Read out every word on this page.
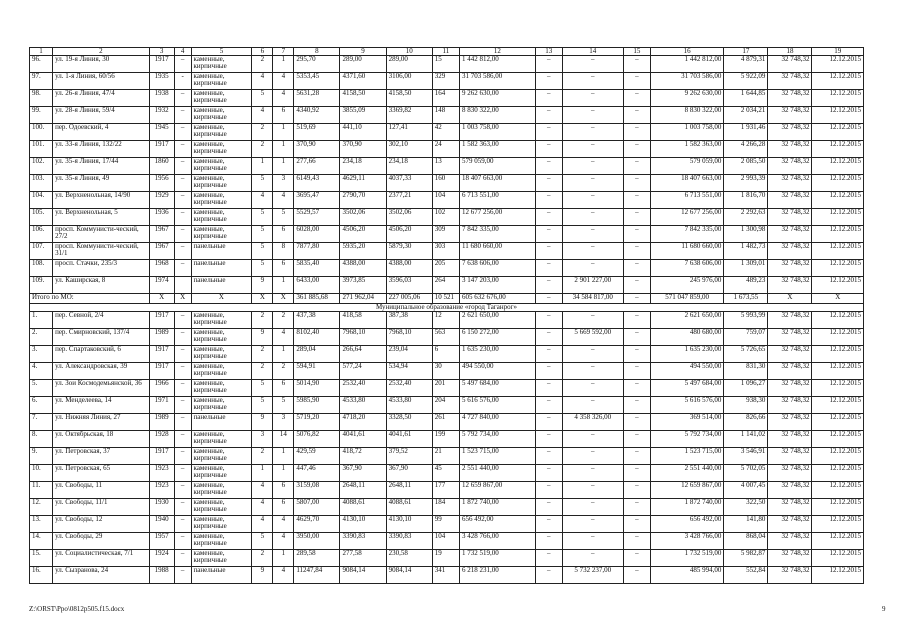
1	2	3	4	5	6	7	8	9	10	11	12	13	14	15	16	17	18	19
96.	ул. 19-я Линия, 30	1917	–	каменные, кирпичные	2	1	295,70	289,00	289,00	15	1 442 812,00	–	–	–	1 442 812,00	4 879,31	32 748,32	12.12.2015
97.	ул. 1-я Линия, 60/56	1935	-	каменные, кирпичные	4	4	5353,45	4371,60	3106,00	329	31 703 586,00	–	–	–	31 703 586,00	5 922,09	32 748,32	12.12.2015
98.	ул. 26-я Линия, 47/4	1938	–	каменные, кирпичные	5	4	5631,28	4158,50	4158,50	164	9 262 630,00	–	–	–	9 262 630,00	1 644,85	32 748,32	12.12.2015
99.	ул. 28-я Линия, 59/4	1932	–	каменные, кирпичные	4	6	4340,92	3855,09	3369,82	148	8 830 322,00	–	–	–	8 830 322,00	2 034,21	32 748,32	12.12.2015
100.	пер. Одоевский, 4	1945	–	каменные, кирпичные	2	1	519,69	441,10	127,41	42	1 003 758,00	–	–	–	1 003 758,00	1 931,46	32 748,32	12.12.2015
101.	ул. 33-я Линия, 132/22	1917	–	каменные, кирпичные	2	1	370,90	370,90	302,10	24	1 582 363,00	–	–	–	1 582 363,00	4 266,28	32 748,32	12.12.2015
102.	ул. 35-я Линия, 17/44	1860	–	каменные, кирпичные	1	1	277,66	234,18	234,18	13	579 059,00	–	–	–	579 059,00	2 085,50	32 748,32	12.12.2015
103.	ул. 35-я Линия, 49	1956	–	каменные, кирпичные	5	3	6149,43	4629,11	4037,33	160	18 407 663,00	–	–	–	18 407 663,00	2 993,39	32 748,32	12.12.2015
104.	ул. Верхненольная, 14/90	1929	–	каменные, кирпичные	4	4	3695,47	2790,70	2377,21	104	6 713 551,00	–	–	–	6 713 551,00	1 816,70	32 748,32	12.12.2015
105.	ул. Верхненольная, 5	1936	–	каменные, кирпичные	5	5	5529,57	3502,06	3502,06	102	12 677 256,00	–	–	–	12 677 256,00	2 292,63	32 748,32	12.12.2015
106.	просп. Коммунисти-ческий, 27/2	1967	–	каменные, кирпичные	5	6	6028,00	4506,20	4506,20	309	7 842 335,00	–	–	–	7 842 335,00	1 300,98	32 748,32	12.12.2015
107.	просп. Коммунисти-ческий, 31/1	1967	–	панельные	5	8	7877,80	5935,20	5879,30	303	11 680 660,00	–	–	–	11 680 660,00	1 482,73	32 748,32	12.12.2015
108.	просп. Стачки, 235/3	1968	–	панельные	5	6	5835,40	4388,00	4388,00	205	7 638 606,00	–	–	–	7 638 606,00	1 309,01	32 748,32	12.12.2015
109.	ул. Каширская, 8	1974		панельные	9	1	6433,00	3973,85	3596,03	264	3 147 203,00	–	2 901 227,00	–	245 976,00	489,23	32 748,32	12.12.2015
Итого по МО:		Х	Х	Х	Х	Х	361 885,68	271 962,04	227 005,06	10 521	605 632 676,00	–	34 584 817,00	–	571 047 859,00	1 673,55	Х	Х
Муниципальное образование «город Таганрог»																		
1.	пер. Севной, 2/4	1917	–	каменные, кирпичные	2	2	437,38	418,58	387,38	12	2 621 650,00	–	–	–	2 621 650,00	5 993,99	32 748,32	12.12.2015
2.	пер. Смирновский, 137/4	1989	–	каменные, кирпичные	9	4	8102,40	7968,10	7968,10	563	6 150 272,00	–	5 669 592,00	–	480 680,00	759,07	32 748,32	12.12.2015
3.	пер. Спартаковский, 6	1917	–	каменные, кирпичные	2	1	289,04	266,64	239,04	6	1 635 230,00	–	–	–	1 635 230,00	5 726,65	32 748,32	12.12.2015
4.	ул. Александровская, 39	1917	–	каменные, кирпичные	2	2	594,91	577,24	534,94	30	494 550,00	–	–	–	494 550,00	831,30	32 748,32	12.12.2015
5.	ул. Зои Космодемьянской, 36	1966	–	каменные, кирпичные	5	6	5014,90	2532,40	2532,40	201	5 497 684,00	–	–	–	5 497 684,00	1 096,27	32 748,32	12.12.2015
6.	ул. Менделеева, 14	1971	–	каменные, кирпичные	5	5	5985,90	4533,80	4533,80	204	5 616 576,00	–	–	–	5 616 576,00	938,30	32 748,32	12.12.2015
7.	ул. Нижняя Линия, 27	1989	–	панельные	9	3	5719,20	4718,20	3328,50	261	4 727 840,00	–	4 358 326,00	–	369 514,00	826,66	32 748,32	12.12.2015
8.	ул. Октябрьская, 18	1928	–	каменные, кирпичные	3	14	5076,82	4041,61	4041,61	199	5 792 734,00	–	–	–	5 792 734,00	1 141,02	32 748,32	12.12.2015
9.	ул. Петровская, 37	1917	–	каменные, кирпичные	2	1	429,59	418,72	379,52	21	1 523 715,00	–	–	–	1 523 715,00	3 546,91	32 748,32	12.12.2015
10.	ул. Петровская, 65	1923	–	каменные, кирпичные	1	1	447,46	367,90	367,90	45	2 551 440,00	–	–	–	2 551 440,00	5 702,05	32 748,32	12.12.2015
11.	ул. Свободы, 11	1923	–	каменные, кирпичные	4	6	3159,08	2648,11	2648,11	177	12 659 867,00	–	–	–	12 659 867,00	4 007,45	32 748,32	12.12.2015
12.	ул. Свободы, 11/1	1930	–	каменные, кирпичные	4	6	5807,00	4088,61	4088,61	184	1 872 740,00	–	–	–	1 872 740,00	322,50	32 748,32	12.12.2015
13.	ул. Свободы, 12	1940	–	каменные, кирпичные	4	4	4629,70	4130,10	4130,10	99	656 492,00	–	–	–	656 492,00	141,80	32 748,32	12.12.2015
14.	ул. Свободы, 29	1957	–	каменные, кирпичные	5	4	3950,00	3390,83	3390,83	104	3 428 766,00	–	–	–	3 428 766,00	868,04	32 748,32	12.12.2015
15.	ул. Социалистическая, 7/1	1924	–	каменные, кирпичные	2	1	289,58	277,58	230,58	19	1 732 519,00	–	–	–	1 732 519,00	5 982,87	32 748,32	12.12.2015
16.	ул. Сызранова, 24	1988	–	панельные	9	4	11247,84	9084,14	9084,14	341	6 218 231,00	–	5 732 237,00	–	485 994,00	552,84	32 748,32	12.12.2015
Z:\ORST\Ppo\0812p505.f15.docx	9
